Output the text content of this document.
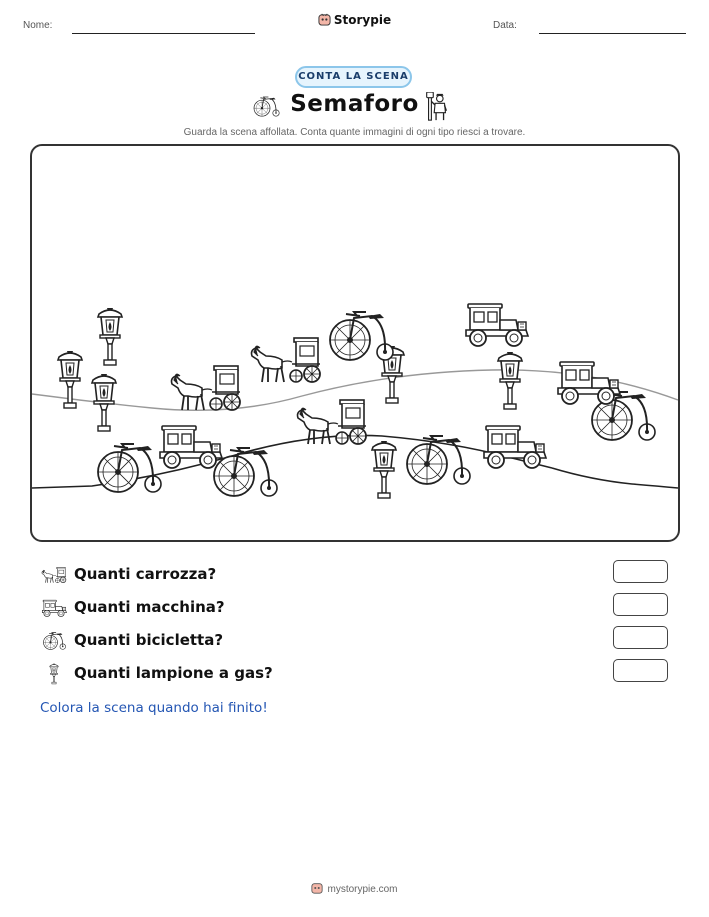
Nome:	Storypie	Data:
CONTA LA SCENA
Semaforo
Guarda la scena affollata. Conta quante immagini di ogni tipo riesci a trovare.
Quanti carrozza?
Quanti macchina?
Quanti bicicletta?
Quanti lampione a gas?
Colora la scena quando hai finito!
mystorypie.com
